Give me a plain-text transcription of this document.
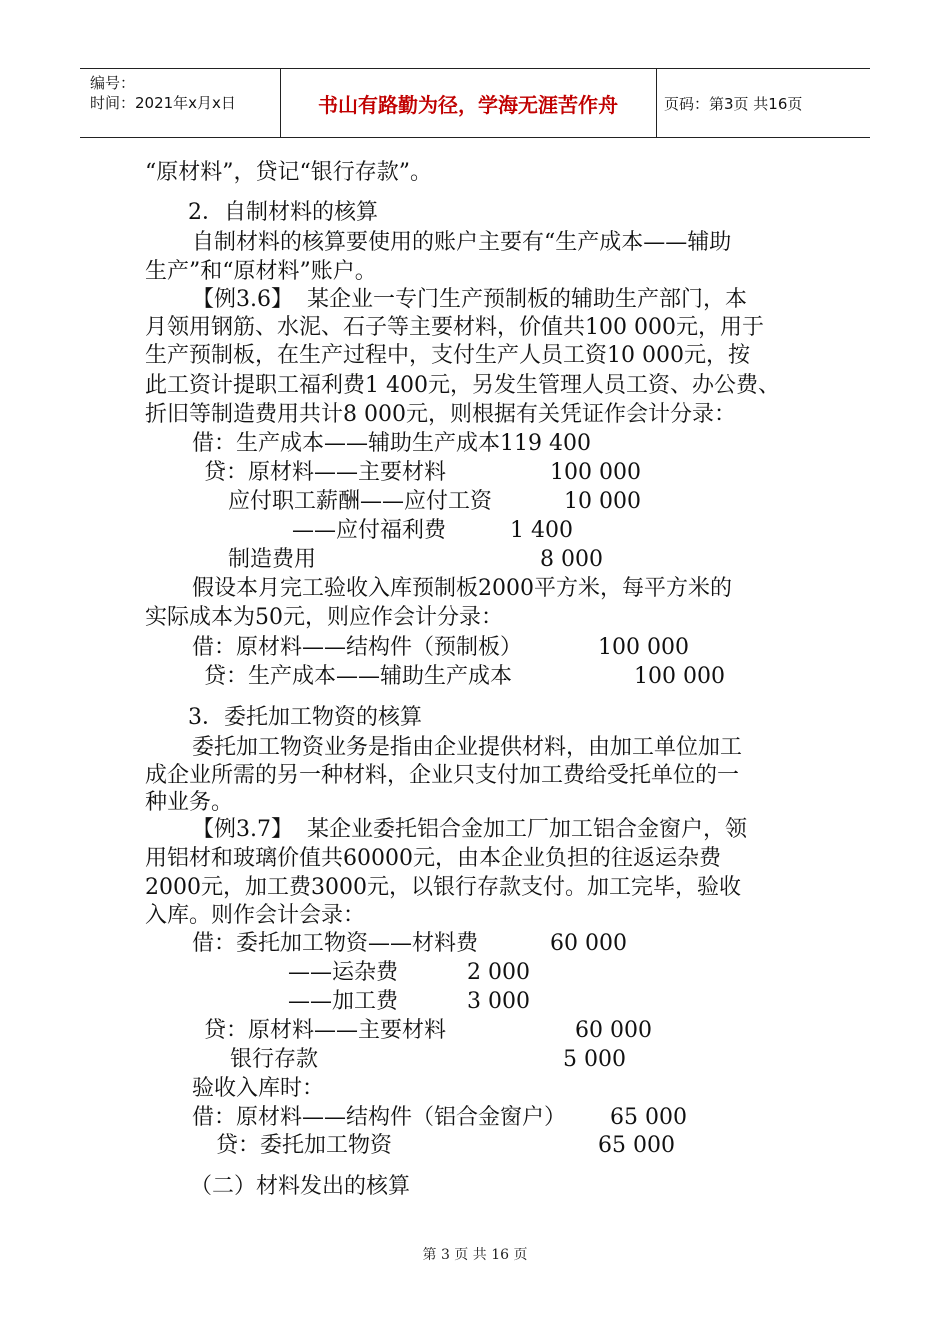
编号：
时间：2021年x月x日	书山有路勤为径，学海无涯苦作舟	页码：第3页 共16页
“原材料”，贷记“银行存款”。
2．自制材料的核算
自制材料的核算要使用的账户主要有“生产成本——辅助
生产”和“原材料”账户。
【例3.6】  某企业一专门生产预制板的辅助生产部门，本
月领用钢筋、水泥、石子等主要材料，价值共100 000元，用于
生产预制板，在生产过程中，支付生产人员工资10 000元，按
此工资计提职工福利费1 400元，另发生管理人员工资、办公费、
折旧等制造费用共计8 000元，则根据有关凭证作会计分录：
借：生产成本——辅助生产成本119 400
贷：原材料——主要材料	100 000
应付职工薪酬——应付工资	10 000
——应付福利费	1 400
制造费用	8 000
假设本月完工验收入库预制板2000平方米，每平方米的
实际成本为50元，则应作会计分录：
借：原材料——结构件（预制板）	100 000
贷：生产成本——辅助生产成本	100 000
3．委托加工物资的核算
委托加工物资业务是指由企业提供材料，由加工单位加工
成企业所需的另一种材料，企业只支付加工费给受托单位的一
种业务。
【例3.7】  某企业委托铝合金加工厂加工铝合金窗户，领
用铝材和玻璃价值共60000元，由本企业负担的往返运杂费
2000元，加工费3000元，以银行存款支付。加工完毕，验收
入库。则作会计会录：
借：委托加工物资——材料费	60 000
——运杂费	2 000
——加工费	3 000
贷：原材料——主要材料	60 000
银行存款	5 000
验收入库时：
借：原材料——结构件（铝合金窗户） 65 000
贷：委托加工物资	65 000
（二）材料发出的核算
第 3 页 共 16 页
